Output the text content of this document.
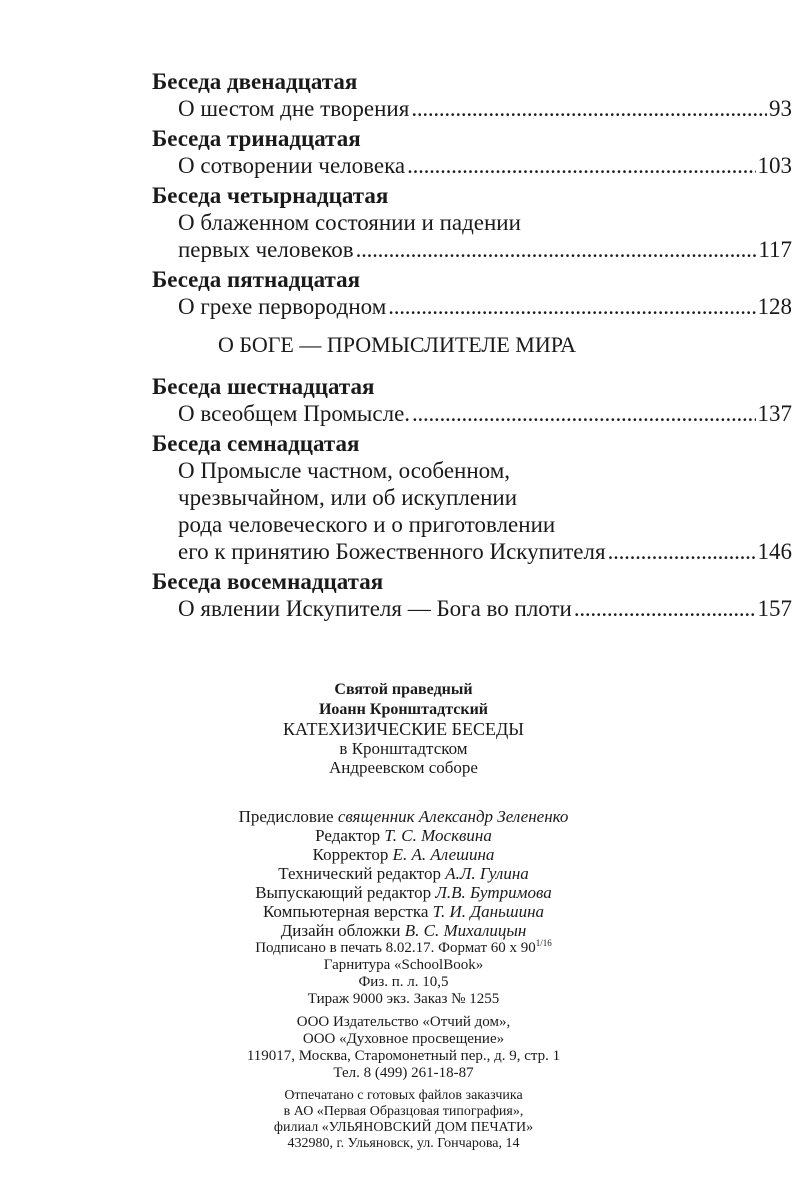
Беседа двенадцатая
О шестом дне творения . . .	93
Беседа тринадцатая
О сотворении человека . . .	103
Беседа четырнадцатая
О блаженном состоянии и падении
первых человеков . . .	117
Беседа пятнадцатая
О грехе первородном . . .	128
О БОГЕ — ПРОМЫСЛИТЕЛЕ МИРА
Беседа шестнадцатая
О всеобщем Промысле. . . .	137
Беседа семнадцатая
О Промысле частном, особенном,
чрезвычайном, или об искуплении
рода человеческого и о приготовлении
его к принятию Божественного Искупителя . . .	146
Беседа восемнадцатая
О явлении Искупителя — Бога во плоти . . .	157
Святой праведный
Иоанн Кронштадтский
КАТЕХИЗИЧЕСКИЕ БЕСЕДЫ
в Кронштадтском
Андреевском соборе
Предисловие священник Александр Зелененко
Редактор Т. С. Москвина
Корректор Е. А. Алешина
Технический редактор А.Л. Гулина
Выпускающий редактор Л.В. Бутримова
Компьютерная верстка Т. И. Даньшина
Дизайн обложки В. С. Михалицын
Подписано в печать 8.02.17. Формат 60 х $90^{1/16}$
Гарнитура «SchoolBook»
Физ. п. л. 10,5
Тираж 9000 экз. Заказ № 1255
ООО Издательство «Отчий дом»,
ООО «Духовное просвещение»
119017, Москва, Старомонетный пер., д. 9, стр. 1
Тел. 8 (499) 261-18-87
Отпечатано с готовых файлов заказчика
в АО «Первая Образцовая типография»,
филиал «УЛЬЯНОВСКИЙ ДОМ ПЕЧАТИ»
432980, г. Ульяновск, ул. Гончарова, 14
